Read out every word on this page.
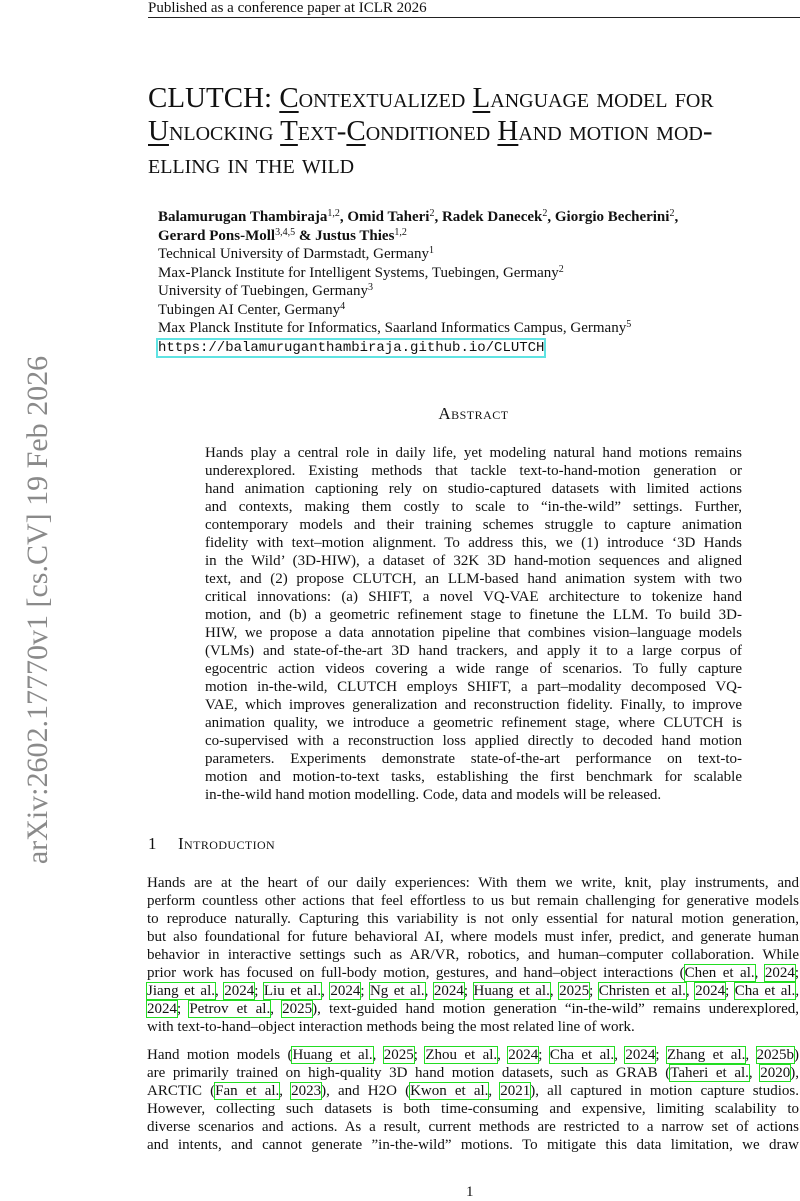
Published as a conference paper at ICLR 2026
arXiv:2602.17770v1 [cs.CV] 19 Feb 2026
CLUTCH: Contextualized Language model for
Unlocking Text-Conditioned Hand motion mod-
elling in the wild
Balamurugan Thambiraja$^{1,2}$, Omid Taheri$^2$, Radek Danecek$^2$, Giorgio Becherini$^2$,
Gerard Pons-Moll$^{3,4,5}$ & Justus Thies$^{1,2}$
Technical University of Darmstadt, Germany$^1$
Max-Planck Institute for Intelligent Systems, Tuebingen, Germany$^2$
University of Tuebingen, Germany$^3$
Tubingen AI Center, Germany$^4$
Max Planck Institute for Informatics, Saarland Informatics Campus, Germany$^5$
https://balamuruganthambiraja.github.io/CLUTCH
Abstract
Hands play a central role in daily life, yet modeling natural hand motions remains
underexplored. Existing methods that tackle text-to-hand-motion generation or
hand animation captioning rely on studio-captured datasets with limited actions
and contexts, making them costly to scale to “in-the-wild” settings. Further,
contemporary models and their training schemes struggle to capture animation
fidelity with text–motion alignment. To address this, we (1) introduce ‘3D Hands
in the Wild’ (3D-HIW), a dataset of 32K 3D hand-motion sequences and aligned
text, and (2) propose CLUTCH, an LLM-based hand animation system with two
critical innovations: (a) SHIFT, a novel VQ-VAE architecture to tokenize hand
motion, and (b) a geometric refinement stage to finetune the LLM. To build 3D-
HIW, we propose a data annotation pipeline that combines vision–language models
(VLMs) and state-of-the-art 3D hand trackers, and apply it to a large corpus of
egocentric action videos covering a wide range of scenarios. To fully capture
motion in-the-wild, CLUTCH employs SHIFT, a part–modality decomposed VQ-
VAE, which improves generalization and reconstruction fidelity. Finally, to improve
animation quality, we introduce a geometric refinement stage, where CLUTCH is
co-supervised with a reconstruction loss applied directly to decoded hand motion
parameters. Experiments demonstrate state-of-the-art performance on text-to-
motion and motion-to-text tasks, establishing the first benchmark for scalable
in-the-wild hand motion modelling. Code, data and models will be released.
1 Introduction
Hands are at the heart of our daily experiences: With them we write, knit, play instruments, and
perform countless other actions that feel effortless to us but remain challenging for generative models
to reproduce naturally. Capturing this variability is not only essential for natural motion generation,
but also foundational for future behavioral AI, where models must infer, predict, and generate human
behavior in interactive settings such as AR/VR, robotics, and human–computer collaboration. While
prior work has focused on full-body motion, gestures, and hand–object interactions (Chen et al., 2024;
Jiang et al., 2024; Liu et al., 2024; Ng et al., 2024; Huang et al., 2025; Christen et al., 2024; Cha et al.,
2024; Petrov et al., 2025), text-guided hand motion generation “in-the-wild” remains underexplored,
with text-to-hand–object interaction methods being the most related line of work.
Hand motion models (Huang et al., 2025; Zhou et al., 2024; Cha et al., 2024; Zhang et al., 2025b)
are primarily trained on high-quality 3D hand motion datasets, such as GRAB (Taheri et al., 2020),
ARCTIC (Fan et al., 2023), and H2O (Kwon et al., 2021), all captured in motion capture studios.
However, collecting such datasets is both time-consuming and expensive, limiting scalability to
diverse scenarios and actions. As a result, current methods are restricted to a narrow set of actions
and intents, and cannot generate ”in-the-wild” motions. To mitigate this data limitation, we draw
1
